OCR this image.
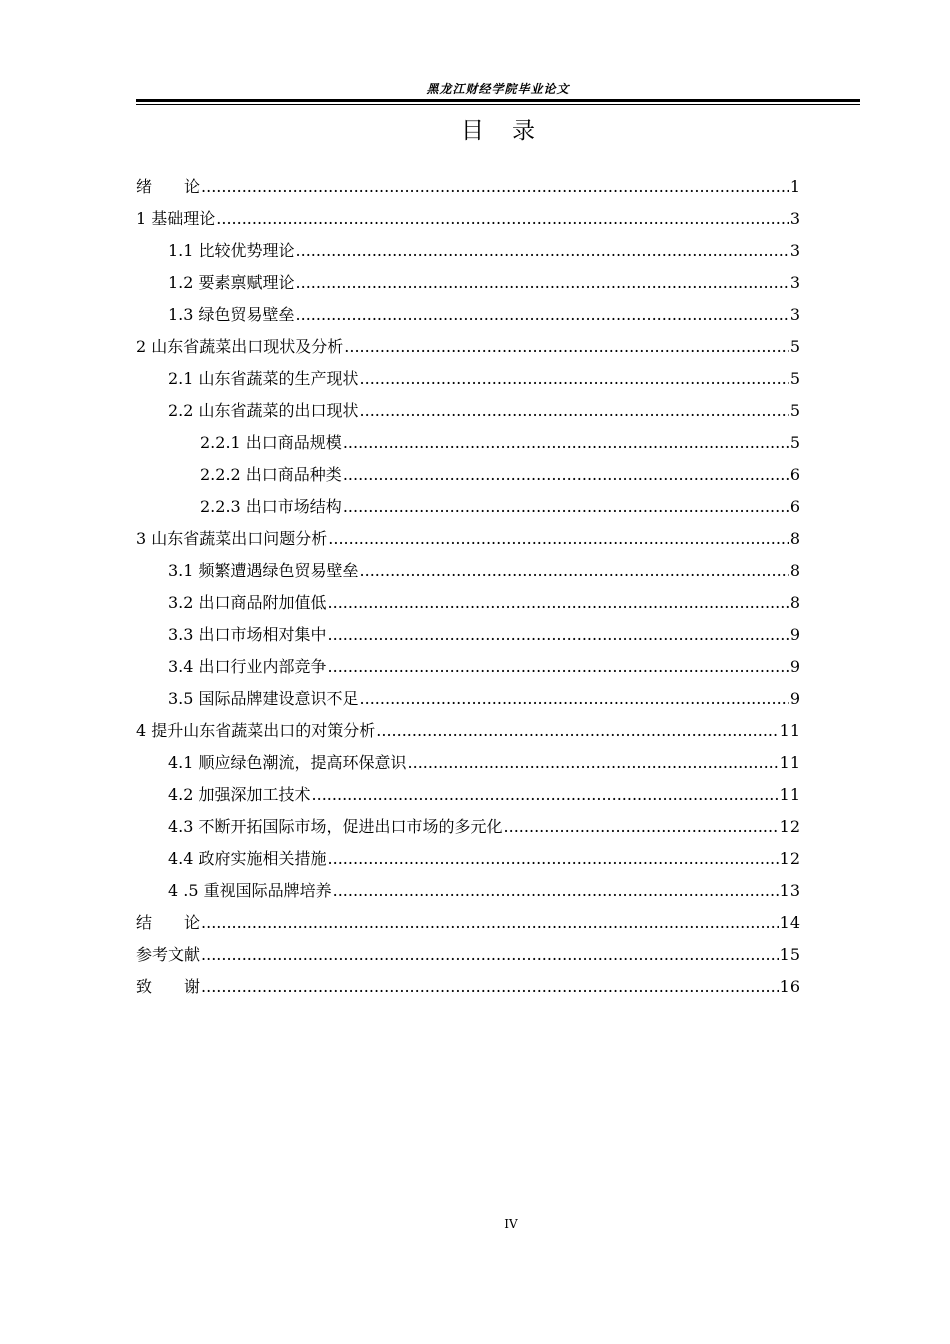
黑龙江财经学院毕业论文
目 录
绪　　论 .....	1
1 基础理论 .....	3
1.1 比较优势理论 .....	3
1.2 要素禀赋理论 .....	3
1.3 绿色贸易壁垒 .....	3
2 山东省蔬菜出口现状及分析 .....	5
2.1 山东省蔬菜的生产现状 .....	5
2.2 山东省蔬菜的出口现状 .....	5
2.2.1 出口商品规模 .....	5
2.2.2 出口商品种类 .....	6
2.2.3 出口市场结构 .....	6
3 山东省蔬菜出口问题分析 .....	8
3.1 频繁遭遇绿色贸易壁垒 .....	8
3.2 出口商品附加值低 .....	8
3.3 出口市场相对集中 .....	9
3.4 出口行业内部竞争 .....	9
3.5 国际品牌建设意识不足 .....	9
4 提升山东省蔬菜出口的对策分析 .....	11
4.1 顺应绿色潮流，提高环保意识 .....	11
4.2 加强深加工技术 .....	11
4.3 不断开拓国际市场，促进出口市场的多元化 .....	12
4.4 政府实施相关措施 .....	12
4 .5 重视国际品牌培养 .....	13
结　　论 .....	14
参考文献 .....	15
致　　谢 .....	16
IV
